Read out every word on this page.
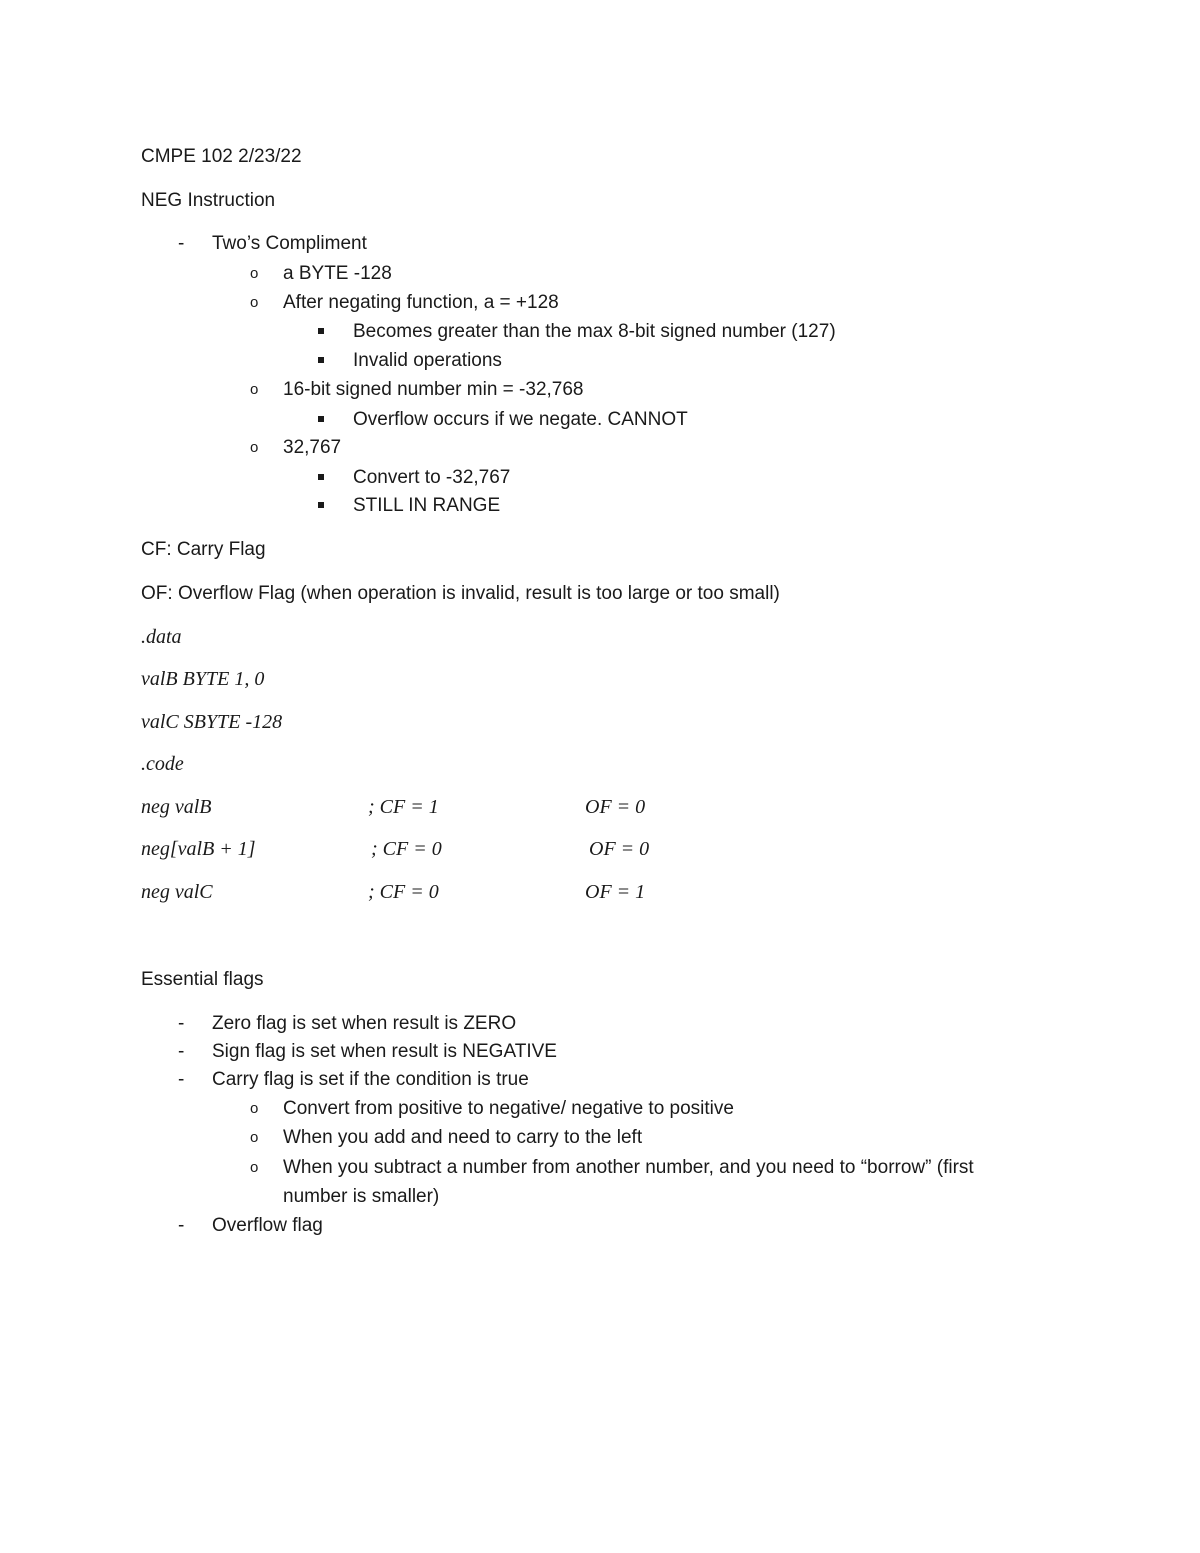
CMPE 102 2/23/22
NEG Instruction
- Two’s Compliment
o a BYTE -128
o After negating function, a = +128
Becomes greater than the max 8-bit signed number (127)
Invalid operations
o 16-bit signed number min = -32,768
Overflow occurs if we negate. CANNOT
o 32,767
Convert to -32,767
STILL IN RANGE
CF: Carry Flag
OF: Overflow Flag (when operation is invalid, result is too large or too small)
.data
valB BYTE 1, 0
valC SBYTE -128
.code
neg valB	; CF = 1	OF = 0
neg[valB + 1]	; CF = 0	OF = 0
neg valC	; CF = 0	OF = 1
Essential flags
- Zero flag is set when result is ZERO
- Sign flag is set when result is NEGATIVE
- Carry flag is set if the condition is true
o Convert from positive to negative/ negative to positive
o When you add and need to carry to the left
o When you subtract a number from another number, and you need to “borrow” (first
number is smaller)
- Overflow flag
